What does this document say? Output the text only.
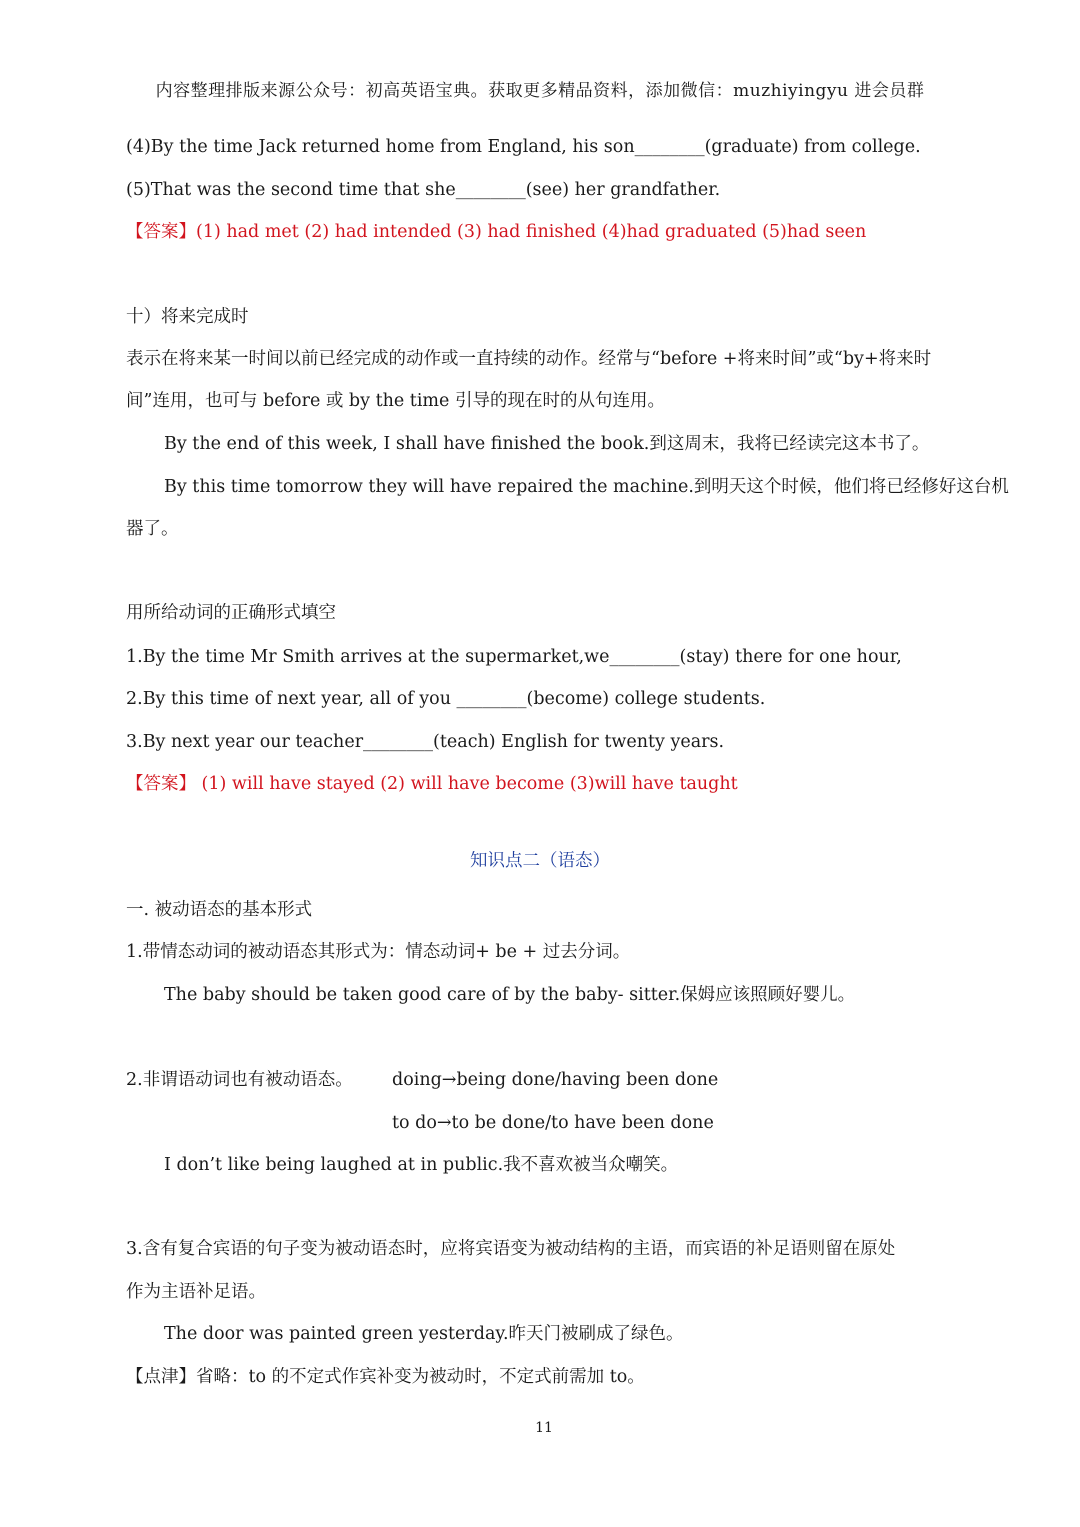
内容整理排版来源公众号：初高英语宝典。获取更多精品资料，添加微信：muzhiyingyu 进会员群
(4)By the time Jack returned home from England, his son________(graduate) from college.
(5)That was the second time that she________(see) her grandfather.
【答案】(1) had met (2) had intended (3) had finished (4)had graduated (5)had seen
十）将来完成时
表示在将来某一时间以前已经完成的动作或一直持续的动作。经常与“before +将来时间”或“by+将来时
间”连用，也可与 before 或 by the time 引导的现在时的从句连用。
By the end of this week, I shall have finished the book.到这周末，我将已经读完这本书了。
By this time tomorrow they will have repaired the machine.到明天这个时候，他们将已经修好这台机
器了。
用所给动词的正确形式填空
1.By the time Mr Smith arrives at the supermarket,we________(stay) there for one hour,
2.By this time of next year, all of you ________(become) college students.
3.By next year our teacher________(teach) English for twenty years.
【答案】 (1) will have stayed (2) will have become (3)will have taught
知识点二（语态）
一. 被动语态的基本形式
1.带情态动词的被动语态其形式为：情态动词+ be + 过去分词。
The baby should be taken good care of by the baby- sitter.保姆应该照顾好婴儿。
2.非谓语动词也有被动语态。 doing→being done/having been done
to do→to be done/to have been done
I don’t like being laughed at in public.我不喜欢被当众嘲笑。
3.含有复合宾语的句子变为被动语态时，应将宾语变为被动结构的主语，而宾语的补足语则留在原处
作为主语补足语。
The door was painted green yesterday.昨天门被刷成了绿色。
【点津】省略：to 的不定式作宾补变为被动时，不定式前需加 to。
11
